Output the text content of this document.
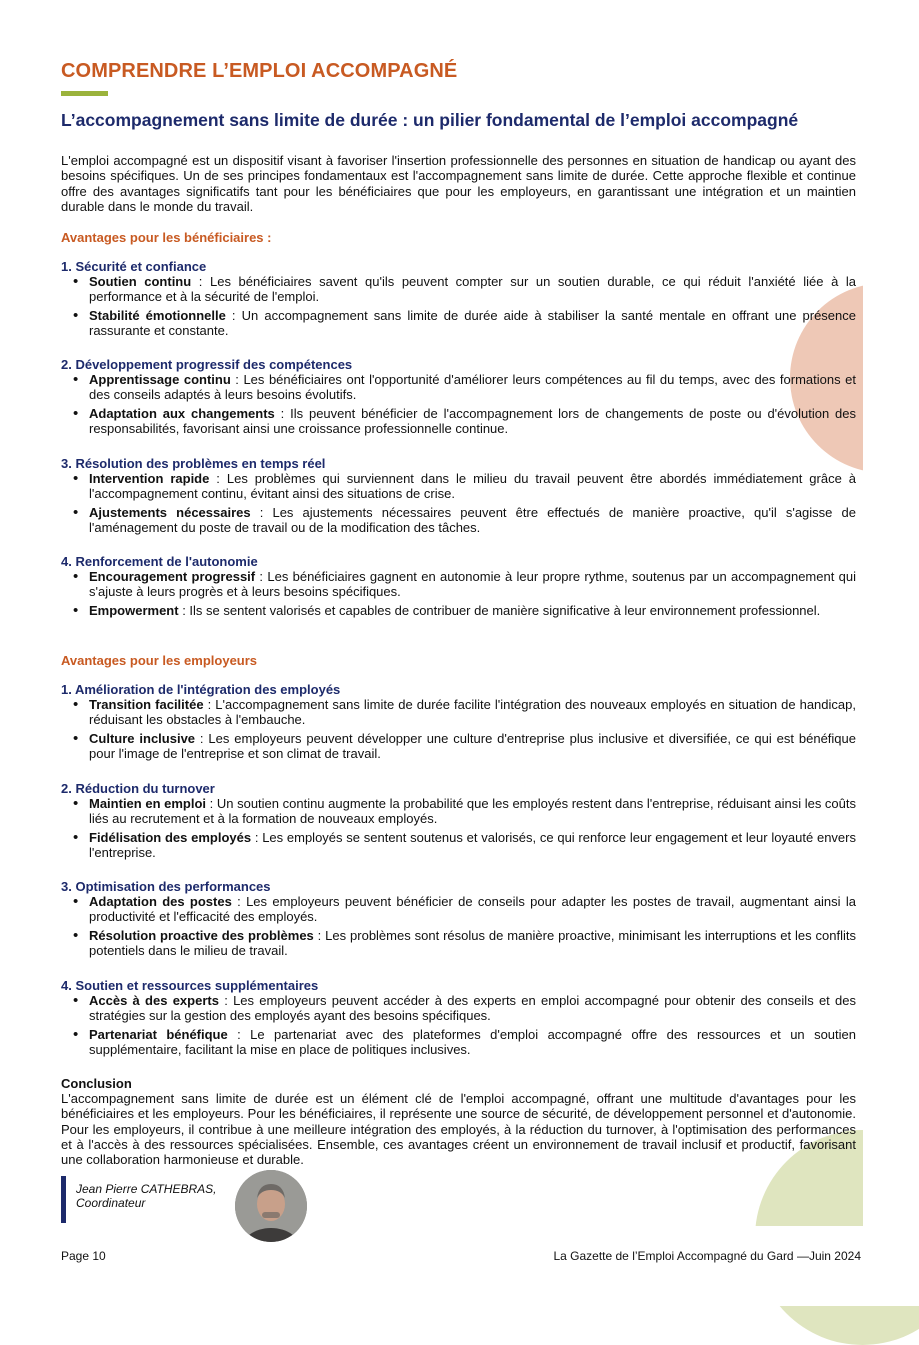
COMPRENDRE L’EMPLOI ACCOMPAGNÉ
L’accompagnement sans limite de durée : un pilier fondamental de l’emploi accompagné

L'emploi accompagné est un dispositif visant à favoriser l'insertion professionnelle des personnes en situation de handicap ou ayant des besoins spécifiques. Un de ses principes fondamentaux est l'accompagnement sans limite de durée. Cette approche flexible et continue offre des avantages significatifs tant pour les bénéficiaires que pour les employeurs, en garantissant une intégration et un maintien durable dans le monde du travail.

Avantages pour les bénéficiaires :

1. Sécurité et confiance

• Soutien continu : Les bénéficiaires savent qu'ils peuvent compter sur un soutien durable, ce qui réduit l'anxiété liée à la performance et à la sécurité de l'emploi.
• Stabilité émotionnelle : Un accompagnement sans limite de durée aide à stabiliser la santé mentale en offrant une présence rassurante et constante.

2. Développement progressif des compétences

• Apprentissage continu : Les bénéficiaires ont l'opportunité d'améliorer leurs compétences au fil du temps, avec des formations et des conseils adaptés à leurs besoins évolutifs.
• Adaptation aux changements : Ils peuvent bénéficier de l'accompagnement lors de changements de poste ou d'évolution des responsabilités, favorisant ainsi une croissance professionnelle continue.

3. Résolution des problèmes en temps réel

• Intervention rapide : Les problèmes qui surviennent dans le milieu du travail peuvent être abordés immédiatement grâce à l'accompagnement continu, évitant ainsi des situations de crise.
• Ajustements nécessaires : Les ajustements nécessaires peuvent être effectués de manière proactive, qu'il s'agisse de l'aménagement du poste de travail ou de la modification des tâches.

4. Renforcement de l'autonomie

• Encouragement progressif : Les bénéficiaires gagnent en autonomie à leur propre rythme, soutenus par un accompagnement qui s'ajuste à leurs progrès et à leurs besoins spécifiques.
• Empowerment : Ils se sentent valorisés et capables de contribuer de manière significative à leur environnement professionnel.

Avantages pour les employeurs

1. Amélioration de l'intégration des employés

• Transition facilitée : L'accompagnement sans limite de durée facilite l'intégration des nouveaux employés en situation de handicap, réduisant les obstacles à l'embauche.
• Culture inclusive : Les employeurs peuvent développer une culture d'entreprise plus inclusive et diversifiée, ce qui est bénéfique pour l'image de l'entreprise et son climat de travail.

2. Réduction du turnover

• Maintien en emploi : Un soutien continu augmente la probabilité que les employés restent dans l'entreprise, réduisant ainsi les coûts liés au recrutement et à la formation de nouveaux employés.
• Fidélisation des employés : Les employés se sentent soutenus et valorisés, ce qui renforce leur engagement et leur loyauté envers l'entreprise.

3. Optimisation des performances

• Adaptation des postes : Les employeurs peuvent bénéficier de conseils pour adapter les postes de travail, augmentant ainsi la productivité et l'efficacité des employés.
• Résolution proactive des problèmes : Les problèmes sont résolus de manière proactive, minimisant les interruptions et les conflits potentiels dans le milieu de travail.

4. Soutien et ressources supplémentaires

• Accès à des experts : Les employeurs peuvent accéder à des experts en emploi accompagné pour obtenir des conseils et des stratégies sur la gestion des employés ayant des besoins spécifiques.
• Partenariat bénéfique : Le partenariat avec des plateformes d'emploi accompagné offre des ressources et un soutien supplémentaire, facilitant la mise en place de politiques inclusives.

Conclusion

L'accompagnement sans limite de durée est un élément clé de l'emploi accompagné, offrant une multitude d'avantages pour les bénéficiaires et les employeurs. Pour les bénéficiaires, il représente une source de sécurité, de développement personnel et d'autonomie. Pour les employeurs, il contribue à une meilleure intégration des employés, à la réduction du turnover, à l'optimisation des performances et à l'accès à des ressources spécialisées. Ensemble, ces avantages créent un environnement de travail inclusif et productif, favorisant une collaboration harmonieuse et durable.

Jean Pierre CATHEBRAS,
Coordinateur
Page 10	La Gazette de l’Emploi Accompagné du Gard —Juin 2024
